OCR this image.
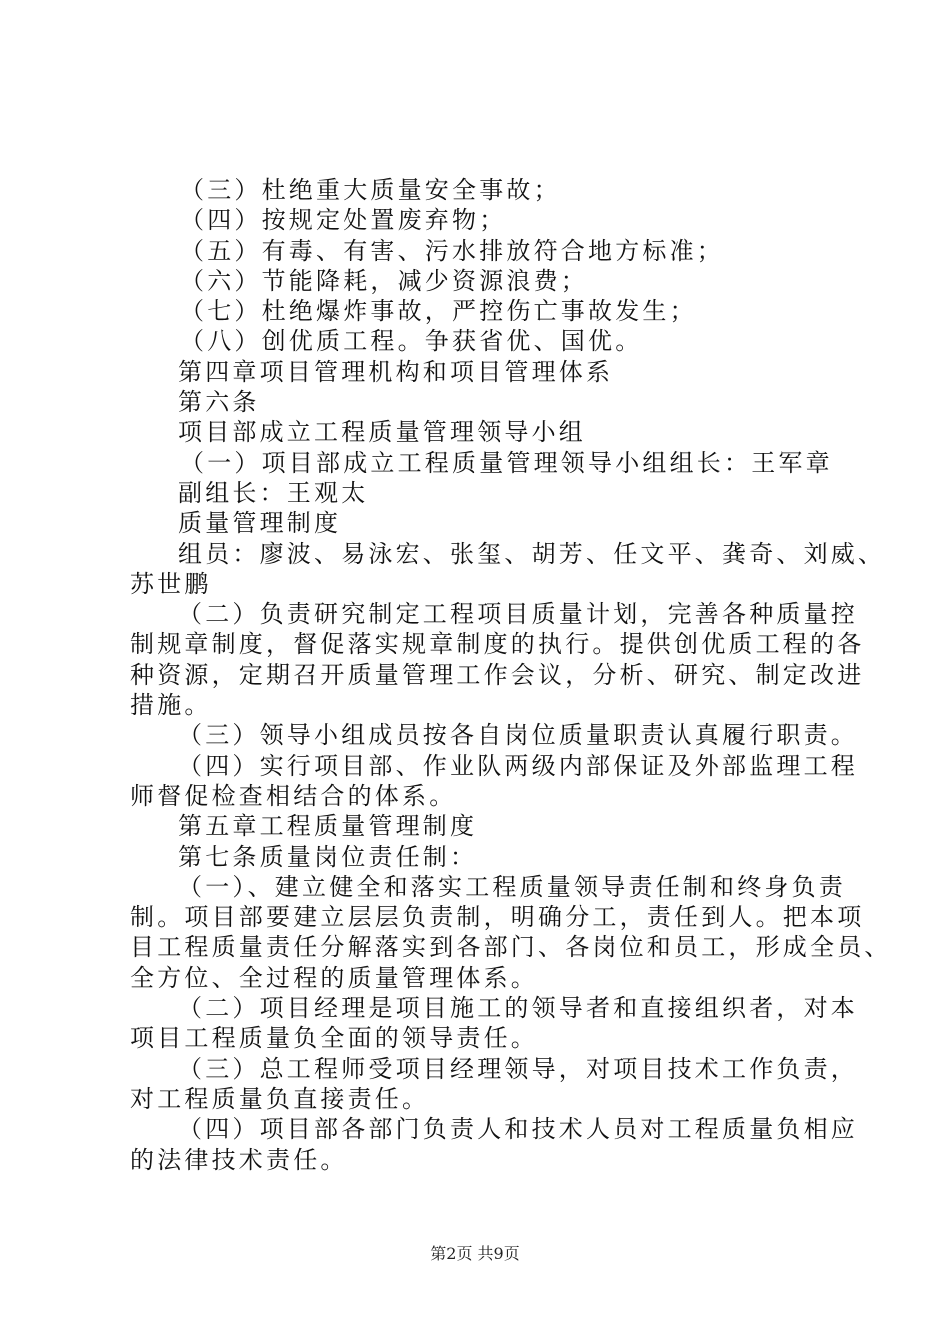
（三）杜绝重大质量安全事故；
（四）按规定处置废弃物；
（五）有毒、有害、污水排放符合地方标准；
（六）节能降耗，减少资源浪费；
（七）杜绝爆炸事故，严控伤亡事故发生；
（八）创优质工程。争获省优、国优。
第四章项目管理机构和项目管理体系
第六条
项目部成立工程质量管理领导小组
（一）项目部成立工程质量管理领导小组组长：王军章
副组长：王观太
质量管理制度
组员：廖波、易泳宏、张玺、胡芳、任文平、龚奇、刘威、
苏世鹏
（二）负责研究制定工程项目质量计划，完善各种质量控
制规章制度，督促落实规章制度的执行。提供创优质工程的各
种资源，定期召开质量管理工作会议，分析、研究、制定改进
措施。
（三）领导小组成员按各自岗位质量职责认真履行职责。
（四）实行项目部、作业队两级内部保证及外部监理工程
师督促检查相结合的体系。
第五章工程质量管理制度
第七条质量岗位责任制：
（一）、建立健全和落实工程质量领导责任制和终身负责
制。项目部要建立层层负责制，明确分工，责任到人。把本项
目工程质量责任分解落实到各部门、各岗位和员工，形成全员、
全方位、全过程的质量管理体系。
（二）项目经理是项目施工的领导者和直接组织者，对本
项目工程质量负全面的领导责任。
（三）总工程师受项目经理领导，对项目技术工作负责，
对工程质量负直接责任。
（四）项目部各部门负责人和技术人员对工程质量负相应
的法律技术责任。
第2页 共9页
